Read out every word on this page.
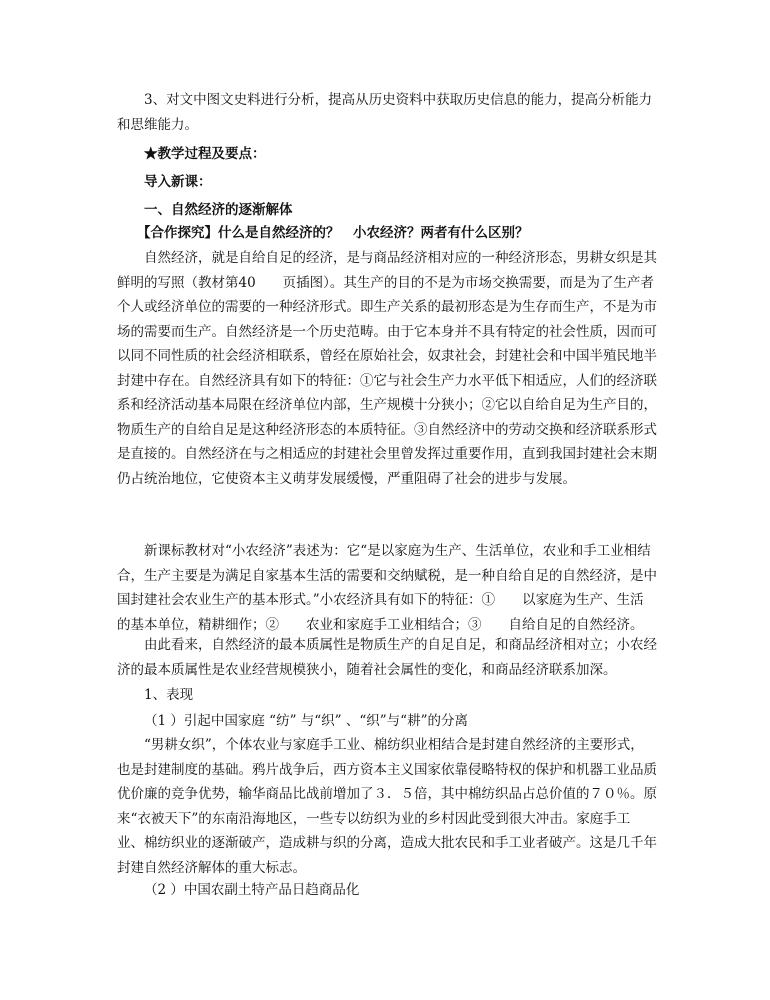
3、对文中图文史料进行分析，提高从历史资料中获取历史信息的能力，提高分析能力和思维能力。

★教学过程及要点：

导入新课：

一、自然经济的逐渐解体

【合作探究】什么是自然经济的？　小农经济？两者有什么区别？

自然经济，就是自给自足的经济，是与商品经济相对应的一种经济形态，男耕女织是其鲜明的写照（教材第40　　页插图）。其生产的目的不是为市场交换需要，而是为了生产者个人或经济单位的需要的一种经济形式。即生产关系的最初形态是为生存而生产，不是为市场的需要而生产。自然经济是一个历史范畴。由于它本身并不具有特定的社会性质，因而可以同不同性质的社会经济相联系，曾经在原始社会，奴隶社会，封建社会和中国半殖民地半封建中存在。自然经济具有如下的特征：①它与社会生产力水平低下相适应，人们的经济联系和经济活动基本局限在经济单位内部，生产规模十分狭小；②它以自给自足为生产目的，物质生产的自给自足是这种经济形态的本质特征。③自然经济中的劳动交换和经济联系形式是直接的。自然经济在与之相适应的封建社会里曾发挥过重要作用，直到我国封建社会末期仍占统治地位，它使资本主义萌芽发展缓慢，严重阻碍了社会的进步与发展。

新课标教材对“小农经济”表述为：它“是以家庭为生产、生活单位，农业和手工业相结合，生产主要是为满足自家基本生活的需要和交纳赋税，是一种自给自足的自然经济，是中国封建社会农业生产的基本形式。”小农经济具有如下的特征：①　　以家庭为生产、生活的基本单位，精耕细作；②　　农业和家庭手工业相结合；③　　自给自足的自然经济。

由此看来，自然经济的最本质属性是物质生产的自足自足，和商品经济相对立；小农经济的最本质属性是农业经营规模狭小，随着社会属性的变化，和商品经济联系加深。

1、表现

（1 ）引起中国家庭 “纺” 与“织” 、“织”与“耕”的分离

“男耕女织”，个体农业与家庭手工业、棉纺织业相结合是封建自然经济的主要形式，也是封建制度的基础。鸦片战争后，西方资本主义国家依靠侵略特权的保护和机器工业品质优价廉的竞争优势，输华商品比战前增加了３．５倍，其中棉纺织品占总价值的７０％。原来“衣被天下”的东南沿海地区，一些专以纺织为业的乡村因此受到很大冲击。家庭手工业、棉纺织业的逐渐破产，造成耕与织的分离，造成大批农民和手工业者破产。这是几千年封建自然经济解体的重大标志。

（2 ）中国农副土特产品日趋商品化
